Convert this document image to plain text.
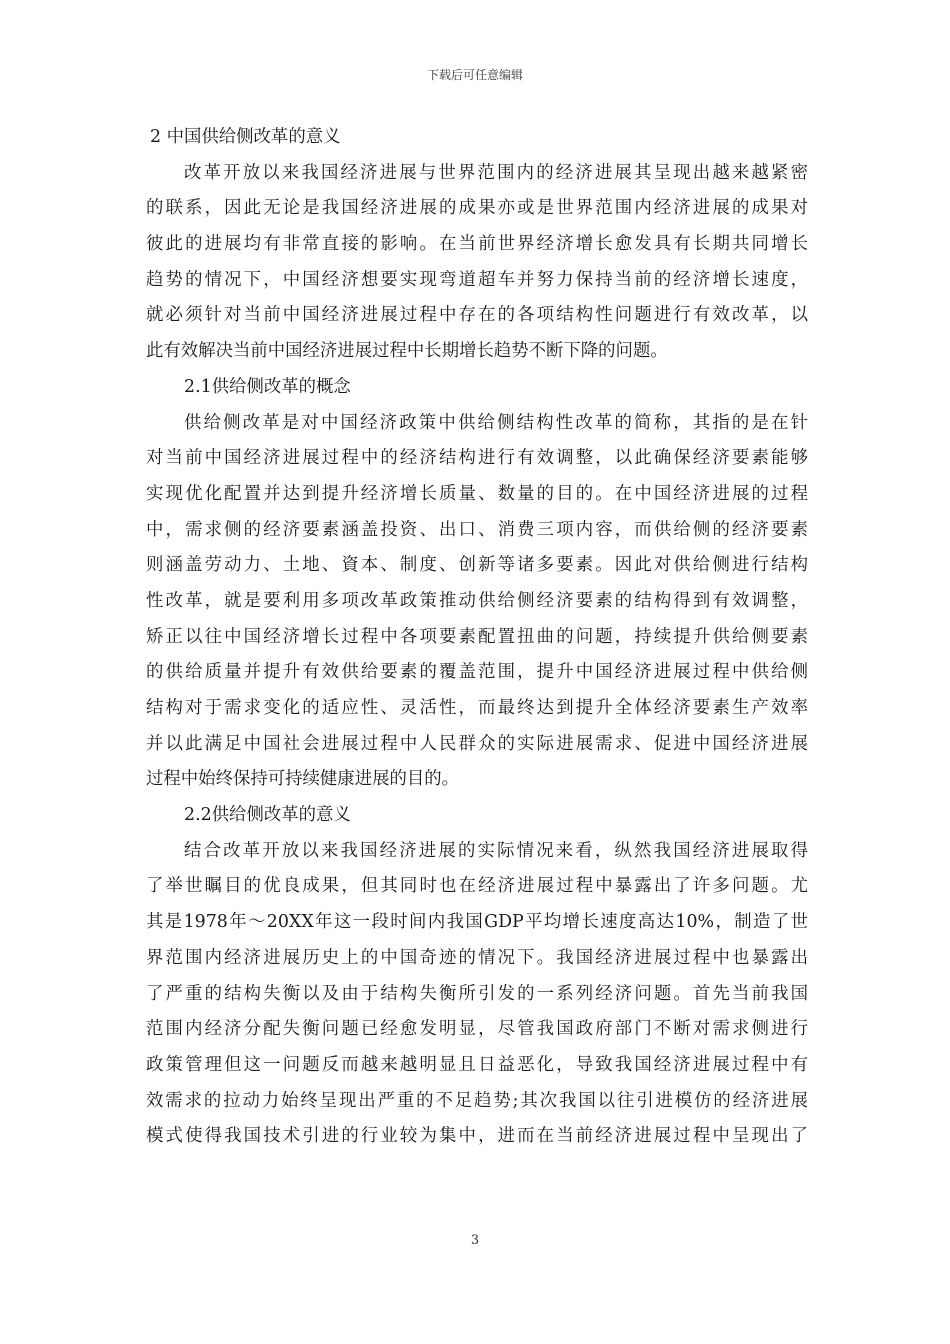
下载后可任意编辑
2 中国供给侧改革的意义
改革开放以来我国经济进展与世界范围内的经济进展其呈现出越来越紧密
的联系，因此无论是我国经济进展的成果亦或是世界范围内经济进展的成果对
彼此的进展均有非常直接的影响。在当前世界经济增长愈发具有长期共同增长
趋势的情况下，中国经济想要实现弯道超车并努力保持当前的经济增长速度，
就必须针对当前中国经济进展过程中存在的各项结构性问题进行有效改革，以
此有效解决当前中国经济进展过程中长期增长趋势不断下降的问题。
2.1供给侧改革的概念
供给侧改革是对中国经济政策中供给侧结构性改革的简称，其指的是在针
对当前中国经济进展过程中的经济结构进行有效调整，以此确保经济要素能够
实现优化配置并达到提升经济增长质量、数量的目的。在中国经济进展的过程
中，需求侧的经济要素涵盖投资、出口、消费三项内容，而供给侧的经济要素
则涵盖劳动力、土地、資本、制度、创新等诸多要素。因此对供给侧进行结构
性改革，就是要利用多项改革政策推动供给侧经济要素的结构得到有效调整，
矫正以往中国经济增长过程中各项要素配置扭曲的问题，持续提升供给侧要素
的供给质量并提升有效供给要素的覆盖范围，提升中国经济进展过程中供给侧
结构对于需求变化的适应性、灵活性，而最终达到提升全体经济要素生产效率
并以此满足中国社会进展过程中人民群众的实际进展需求、促进中国经济进展
过程中始终保持可持续健康进展的目的。
2.2供给侧改革的意义
结合改革开放以来我国经济进展的实际情况来看，纵然我国经济进展取得
了举世瞩目的优良成果，但其同时也在经济进展过程中暴露出了许多问题。尤
其是1978年～20XX年这一段时间内我国GDP平均增长速度高达10%，制造了世
界范围内经济进展历史上的中国奇迹的情况下。我国经济进展过程中也暴露出
了严重的结构失衡以及由于结构失衡所引发的一系列经济问题。首先当前我国
范围内经济分配失衡问题已经愈发明显，尽管我国政府部门不断对需求侧进行
政策管理但这一问题反而越来越明显且日益恶化，导致我国经济进展过程中有
效需求的拉动力始终呈现出严重的不足趋势;其次我国以往引进模仿的经济进展
模式使得我国技术引进的行业较为集中，进而在当前经济进展过程中呈现出了
3
